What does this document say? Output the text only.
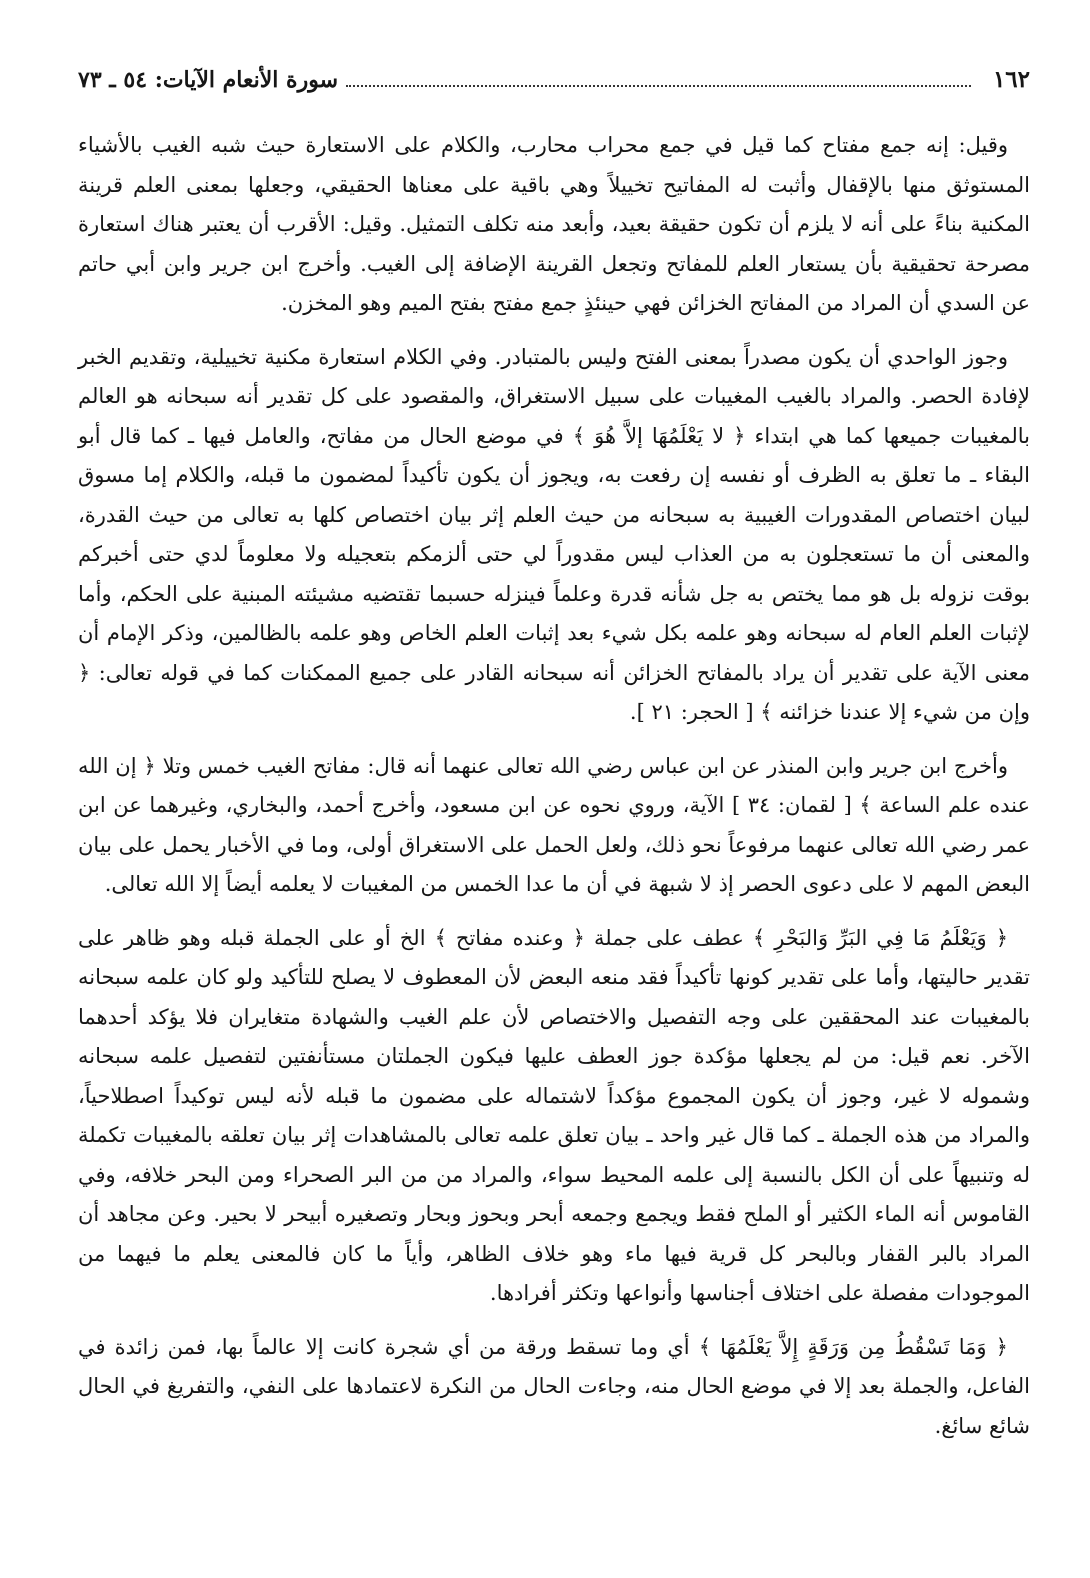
١٦٢
سورة الأنعام الآيات: ٥٤ ـ ٧٣

وقيل: إنه جمع مفتاح كما قيل في جمع محراب محارب، والكلام على الاستعارة حيث شبه الغيب بالأشياء المستوثق منها بالإقفال وأثبت له المفاتيح تخييلاً وهي باقية على معناها الحقيقي، وجعلها بمعنى العلم قرينة المكنية بناءً على أنه لا يلزم أن تكون حقيقة بعيد، وأبعد منه تكلف التمثيل. وقيل: الأقرب أن يعتبر هناك استعارة مصرحة تحقيقية بأن يستعار العلم للمفاتح وتجعل القرينة الإضافة إلى الغيب. وأخرج ابن جرير وابن أبي حاتم عن السدي أن المراد من المفاتح الخزائن فهي حينئذٍ جمع مفتح بفتح الميم وهو المخزن.

وجوز الواحدي أن يكون مصدراً بمعنى الفتح وليس بالمتبادر. وفي الكلام استعارة مكنية تخييلية، وتقديم الخبر لإفادة الحصر. والمراد بالغيب المغيبات على سبيل الاستغراق، والمقصود على كل تقدير أنه سبحانه هو العالم بالمغيبات جميعها كما هي ابتداء ﴿ لا يَعْلَمُهَا إلاَّ هُوَ ﴾ في موضع الحال من مفاتح، والعامل فيها ـ كما قال أبو البقاء ـ ما تعلق به الظرف أو نفسه إن رفعت به، ويجوز أن يكون تأكيداً لمضمون ما قبله، والكلام إما مسوق لبيان اختصاص المقدورات الغيبية به سبحانه من حيث العلم إثر بيان اختصاص كلها به تعالى من حيث القدرة، والمعنى أن ما تستعجلون به من العذاب ليس مقدوراً لي حتى ألزمكم بتعجيله ولا معلوماً لدي حتى أخبركم بوقت نزوله بل هو مما يختص به جل شأنه قدرة وعلماً فينزله حسبما تقتضيه مشيئته المبنية على الحكم، وأما لإثبات العلم العام له سبحانه وهو علمه بكل شيء بعد إثبات العلم الخاص وهو علمه بالظالمين، وذكر الإمام أن معنى الآية على تقدير أن يراد بالمفاتح الخزائن أنه سبحانه القادر على جميع الممكنات كما في قوله تعالى: ﴿ وإن من شيء إلا عندنا خزائنه ﴾ [ الحجر: ٢١ ].

وأخرج ابن جرير وابن المنذر عن ابن عباس رضي الله تعالى عنهما أنه قال: مفاتح الغيب خمس وتلا ﴿ إن الله عنده علم الساعة ﴾ [ لقمان: ٣٤ ] الآية، وروي نحوه عن ابن مسعود، وأخرج أحمد، والبخاري، وغيرهما عن ابن عمر رضي الله تعالى عنهما مرفوعاً نحو ذلك، ولعل الحمل على الاستغراق أولى، وما في الأخبار يحمل على بيان البعض المهم لا على دعوى الحصر إذ لا شبهة في أن ما عدا الخمس من المغيبات لا يعلمه أيضاً إلا الله تعالى.

﴿ وَيَعْلَمُ مَا فِي البَرِّ وَالبَحْرِ ﴾ عطف على جملة ﴿ وعنده مفاتح ﴾ الخ أو على الجملة قبله وهو ظاهر على تقدير حاليتها، وأما على تقدير كونها تأكيداً فقد منعه البعض لأن المعطوف لا يصلح للتأكيد ولو كان علمه سبحانه بالمغيبات عند المحققين على وجه التفصيل والاختصاص لأن علم الغيب والشهادة متغايران فلا يؤكد أحدهما الآخر. نعم قيل: من لم يجعلها مؤكدة جوز العطف عليها فيكون الجملتان مستأنفتين لتفصيل علمه سبحانه وشموله لا غير، وجوز أن يكون المجموع مؤكداً لاشتماله على مضمون ما قبله لأنه ليس توكيداً اصطلاحياً، والمراد من هذه الجملة ـ كما قال غير واحد ـ بيان تعلق علمه تعالى بالمشاهدات إثر بيان تعلقه بالمغيبات تكملة له وتنبيهاً على أن الكل بالنسبة إلى علمه المحيط سواء، والمراد من من البر الصحراء ومن البحر خلافه، وفي القاموس أنه الماء الكثير أو الملح فقط ويجمع وجمعه أبحر وبحوز وبحار وتصغيره أبيحر لا بحير. وعن مجاهد أن المراد بالبر القفار وبالبحر كل قرية فيها ماء وهو خلاف الظاهر، وأياً ما كان فالمعنى يعلم ما فيهما من الموجودات مفصلة على اختلاف أجناسها وأنواعها وتكثر أفرادها.

﴿ وَمَا تَسْقُطُ مِن وَرَقَةٍ إِلاَّ يَعْلَمُهَا ﴾ أي وما تسقط ورقة من أي شجرة كانت إلا عالماً بها، فمن زائدة في الفاعل، والجملة بعد إلا في موضع الحال منه، وجاءت الحال من النكرة لاعتمادها على النفي، والتفريغ في الحال شائع سائغ.
